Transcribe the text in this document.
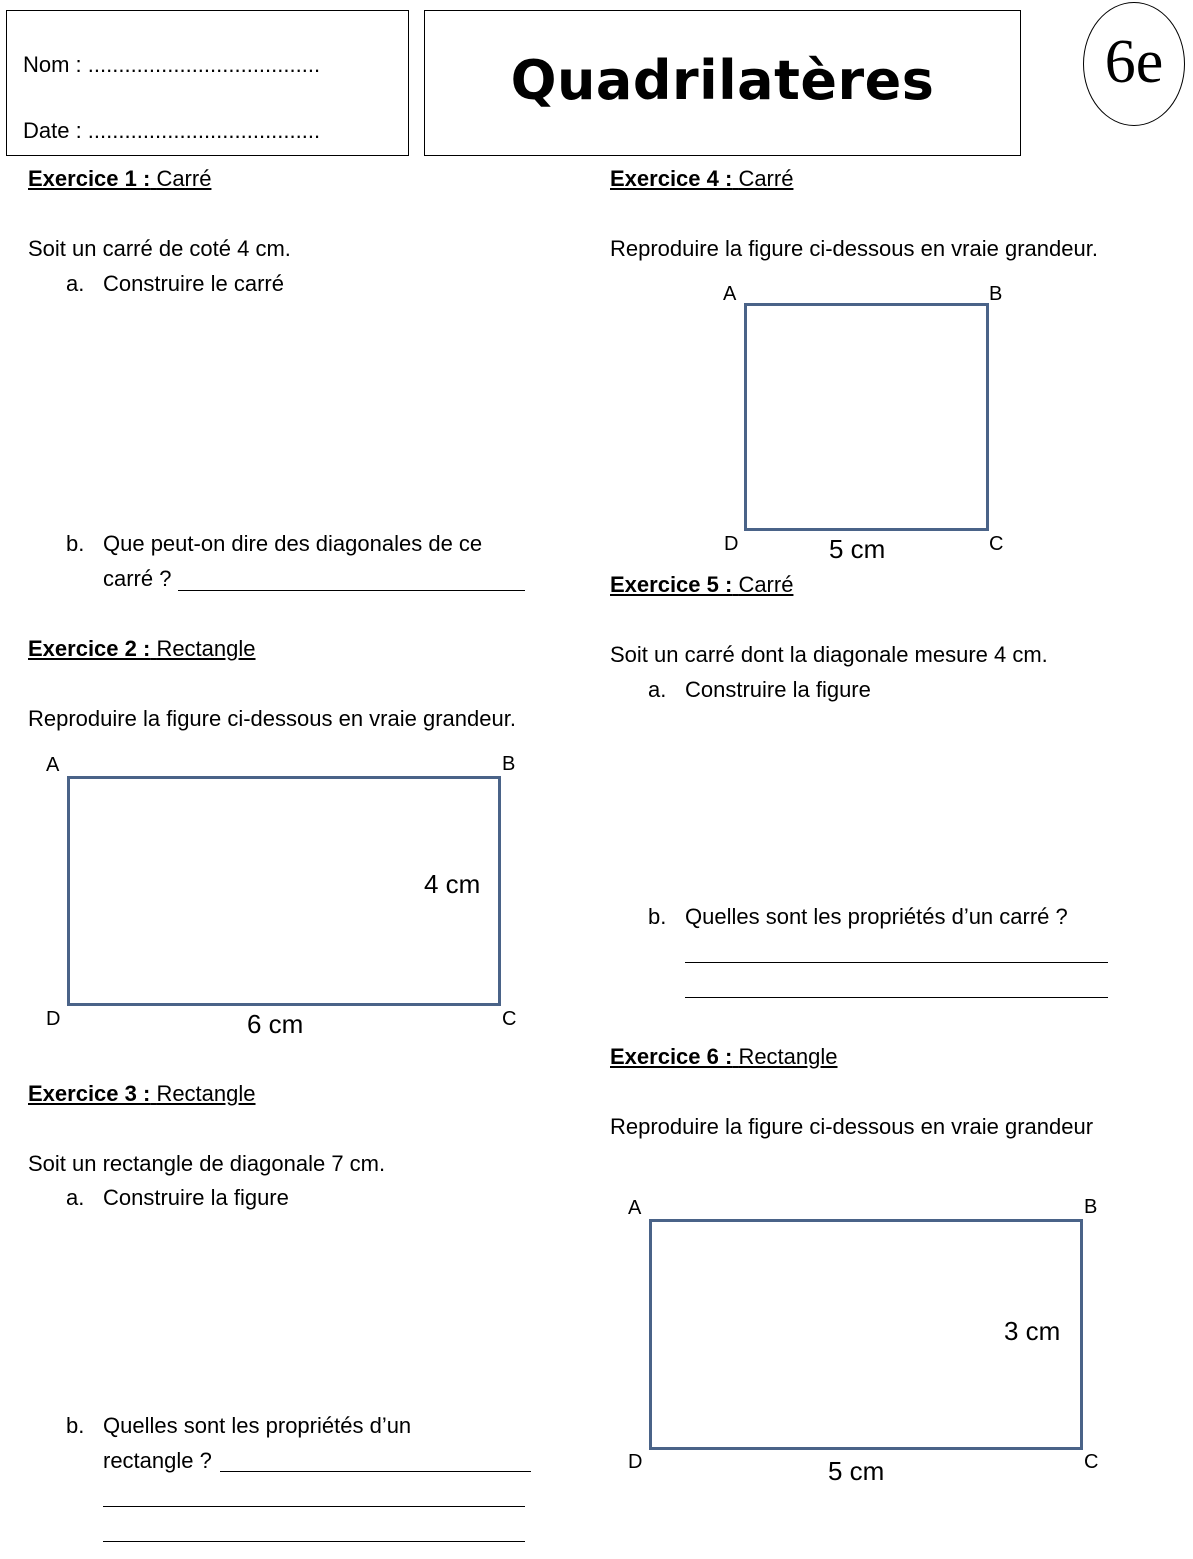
Nom : ......................................
Date : ......................................
Quadrilatères	6e
Exercice 1 : Carré
Soit un carré de coté 4 cm.
a. Construire le carré
b. Que peut-on dire des diagonales de ce
carré ?
Exercice 2 : Rectangle
Reproduire la figure ci-dessous en vraie grandeur.
A	B
D	C
4 cm
6 cm
Exercice 3 : Rectangle
Soit un rectangle de diagonale 7 cm.
a. Construire la figure
b. Quelles sont les propriétés d’un
rectangle ?
Exercice 4 : Carré
Reproduire la figure ci-dessous en vraie grandeur.
A	B
D	C
5 cm
Exercice 5 : Carré
Soit un carré dont la diagonale mesure 4 cm.
a. Construire la figure
b. Quelles sont les propriétés d’un carré ?
Exercice 6 : Rectangle
Reproduire la figure ci-dessous en vraie grandeur
A	B
D	C
3 cm
5 cm
